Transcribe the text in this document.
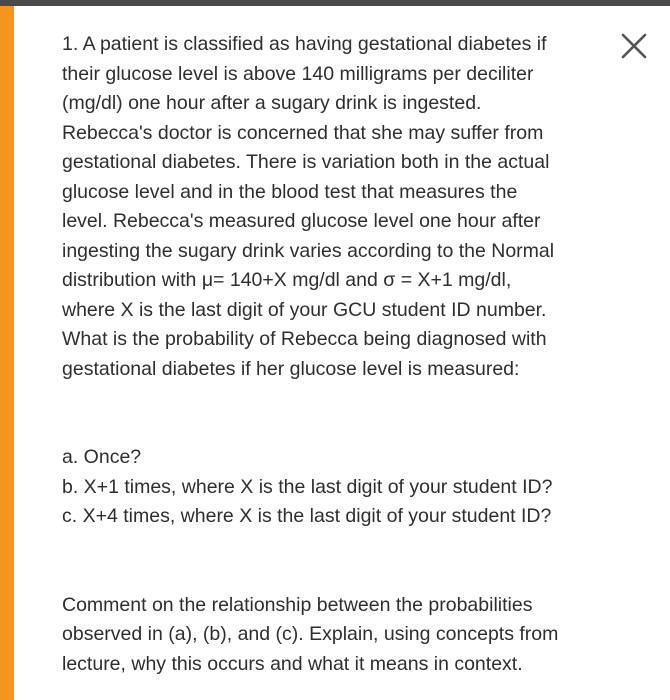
1. A patient is classified as having gestational diabetes if
their glucose level is above 140 milligrams per deciliter
(mg/dl) one hour after a sugary drink is ingested.
Rebecca's doctor is concerned that she may suffer from
gestational diabetes. There is variation both in the actual
glucose level and in the blood test that measures the
level. Rebecca's measured glucose level one hour after
ingesting the sugary drink varies according to the Normal
distribution with μ= 140+X mg/dl and σ = X+1 mg/dl,
where X is the last digit of your GCU student ID number.
What is the probability of Rebecca being diagnosed with
gestational diabetes if her glucose level is measured:

a. Once?

b. X+1 times, where X is the last digit of your student ID?

c. X+4 times, where X is the last digit of your student ID?

Comment on the relationship between the probabilities
observed in (a), (b), and (c). Explain, using concepts from
lecture, why this occurs and what it means in context.
